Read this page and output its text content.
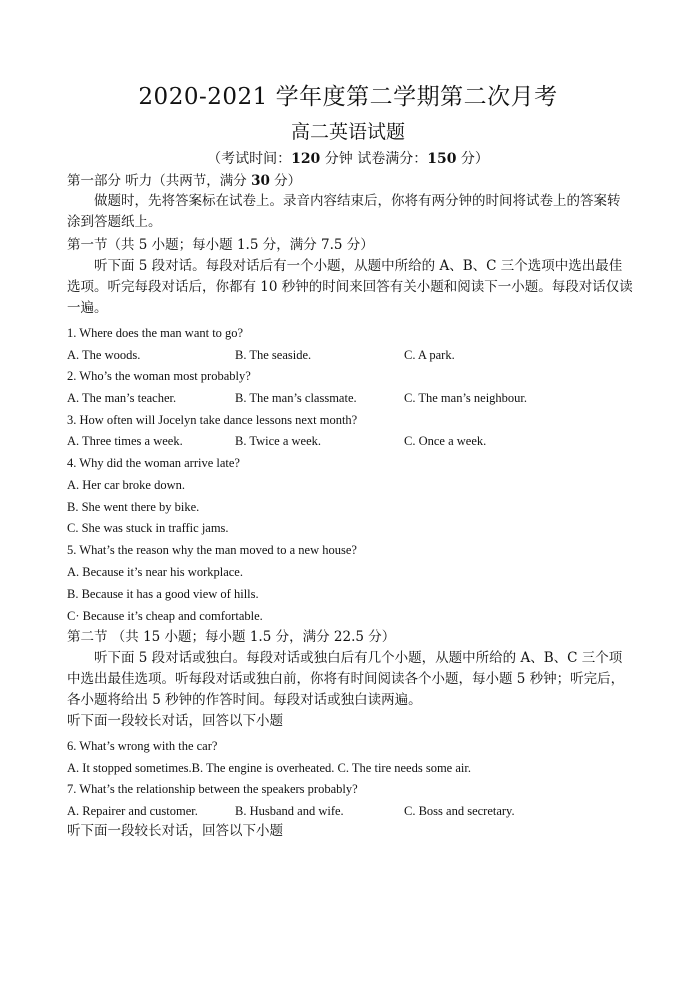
2020-2021 学年度第二学期第二次月考
高二英语试题
（考试时间：120 分钟 试卷满分：150 分）
第一部分 听力（共两节，满分 30 分）
做题时，先将答案标在试卷上。录音内容结束后，你将有两分钟的时间将试卷上的答案转涂到答题纸上。
第一节（共 5 小题；每小题 1.5 分，满分 7.5 分）
听下面 5 段对话。每段对话后有一个小题，从题中所给的 A、B、C 三个选项中选出最佳选项。听完每段对话后，你都有 10 秒钟的时间来回答有关小题和阅读下一小题。每段对话仅读一遍。
1. Where does the man want to go?
A. The woods.	B. The seaside.	C. A park.
2. Who’s the woman most probably?
A. The man’s teacher.	B. The man’s classmate.	C. The man’s neighbour.
3. How often will Jocelyn take dance lessons next month?
A. Three times a week.	B. Twice a week.	C. Once a week.
4. Why did the woman arrive late?
A. Her car broke down.
B. She went there by bike.
C. She was stuck in traffic jams.
5. What’s the reason why the man moved to a new house?
A. Because it’s near his workplace.
B. Because it has a good view of hills.
C· Because it’s cheap and comfortable.
第二节 （共 15 小题；每小题 1.5 分，满分 22.5 分）
听下面 5 段对话或独白。每段对话或独白后有几个小题，从题中所给的 A、B、C 三个项中选出最佳选项。听每段对话或独白前，你将有时间阅读各个小题，每小题 5 秒钟；听完后，各小题将给出 5 秒钟的作答时间。每段对话或独白读两遍。
听下面一段较长对话，回答以下小题
6. What’s wrong with the car?
A. It stopped sometimes.B. The engine is overheated. C. The tire needs some air.
7. What’s the relationship between the speakers probably?
A. Repairer and customer.	B. Husband and wife.	C. Boss and secretary.
听下面一段较长对话，回答以下小题
